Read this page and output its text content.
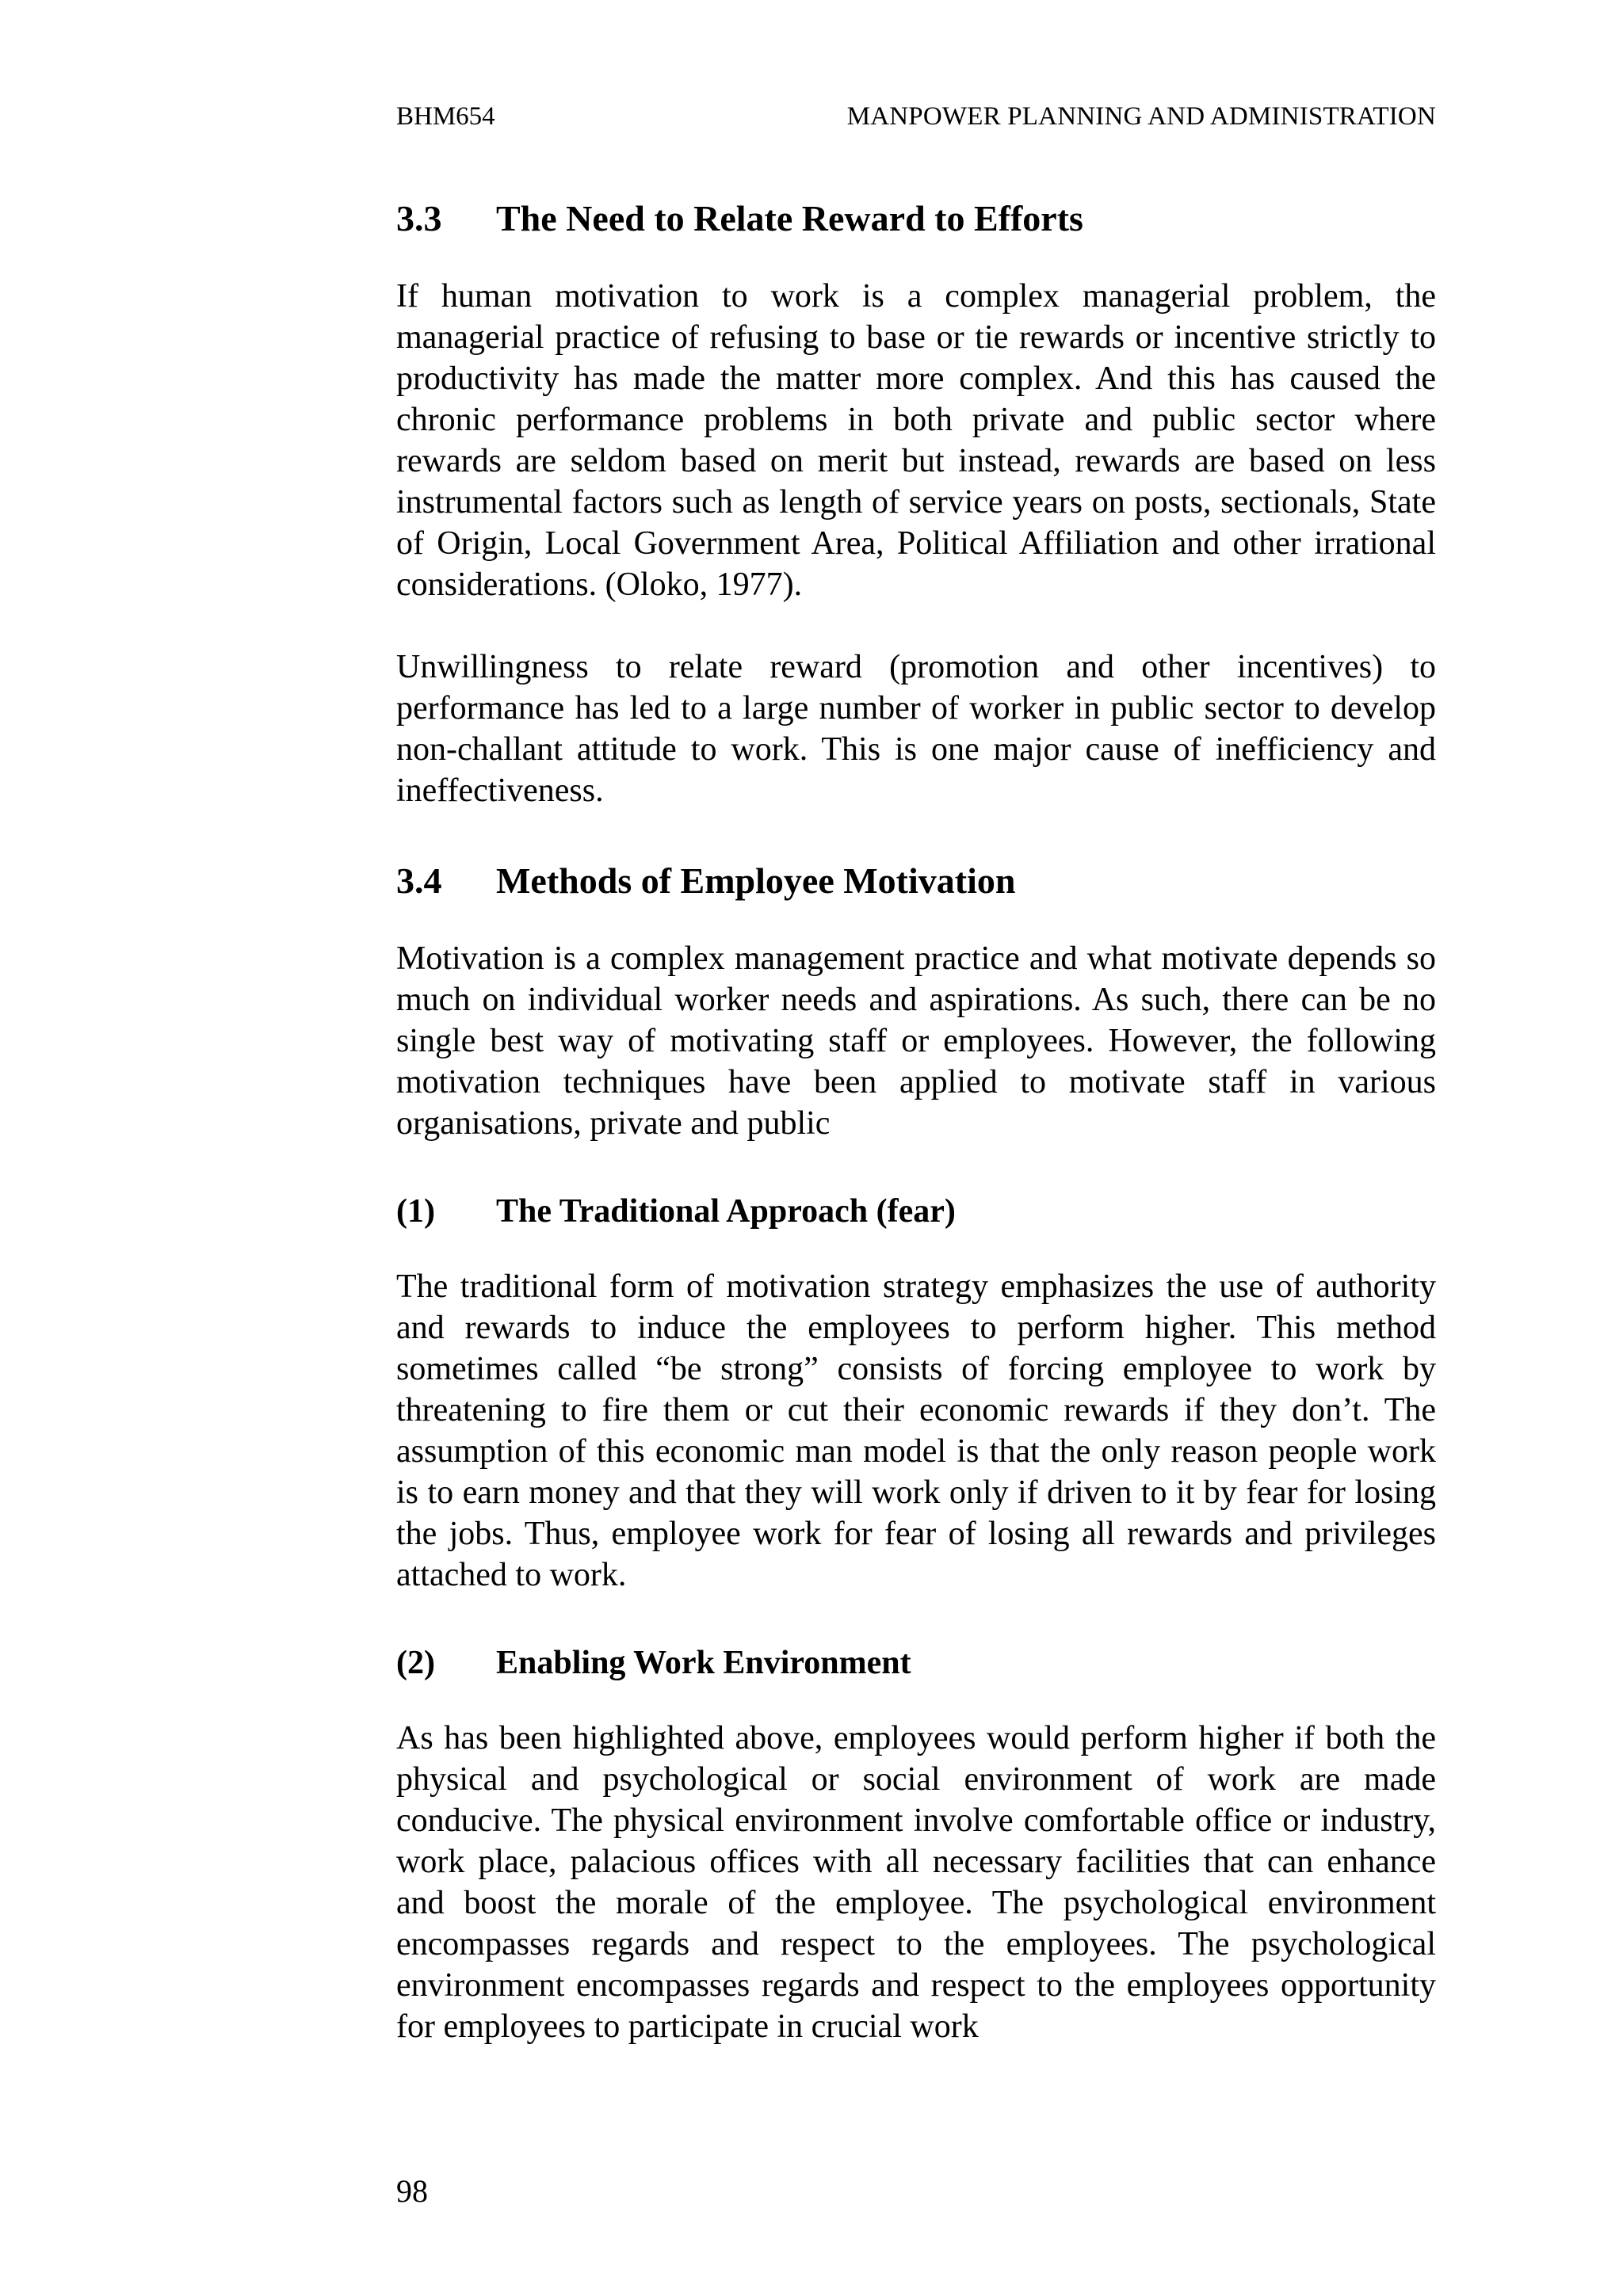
BHM654	MANPOWER PLANNING AND ADMINISTRATION
3.3	The Need to Relate Reward to Efforts

If human motivation to work is a complex managerial problem, the managerial practice of refusing to base or tie rewards or incentive strictly to productivity has made the matter more complex. And this has caused the chronic performance problems in both private and public sector where rewards are seldom based on merit but instead, rewards are based on less instrumental factors such as length of service years on posts, sectionals, State of Origin, Local Government Area, Political Affiliation and other irrational considerations. (Oloko, 1977).

Unwillingness to relate reward (promotion and other incentives) to performance has led to a large number of worker in public sector to develop non-challant attitude to work. This is one major cause of inefficiency and ineffectiveness.

3.4	Methods of Employee Motivation

Motivation is a complex management practice and what motivate depends so much on individual worker needs and aspirations. As such, there can be no single best way of motivating staff or employees. However, the following motivation techniques have been applied to motivate staff in various organisations, private and public

(1)	The Traditional Approach (fear)

The traditional form of motivation strategy emphasizes the use of authority and rewards to induce the employees to perform higher. This method sometimes called “be strong” consists of forcing employee to work by threatening to fire them or cut their economic rewards if they don’t. The assumption of this economic man model is that the only reason people work is to earn money and that they will work only if driven to it by fear for losing the jobs. Thus, employee work for fear of losing all rewards and privileges attached to work.

(2)	Enabling Work Environment

As has been highlighted above, employees would perform higher if both the physical and psychological or social environment of work are made conducive. The physical environment involve comfortable office or industry, work place, palacious offices with all necessary facilities that can enhance and boost the morale of the employee. The psychological environment encompasses regards and respect to the employees. The psychological environment encompasses regards and respect to the employees opportunity for employees to participate in crucial work

98
